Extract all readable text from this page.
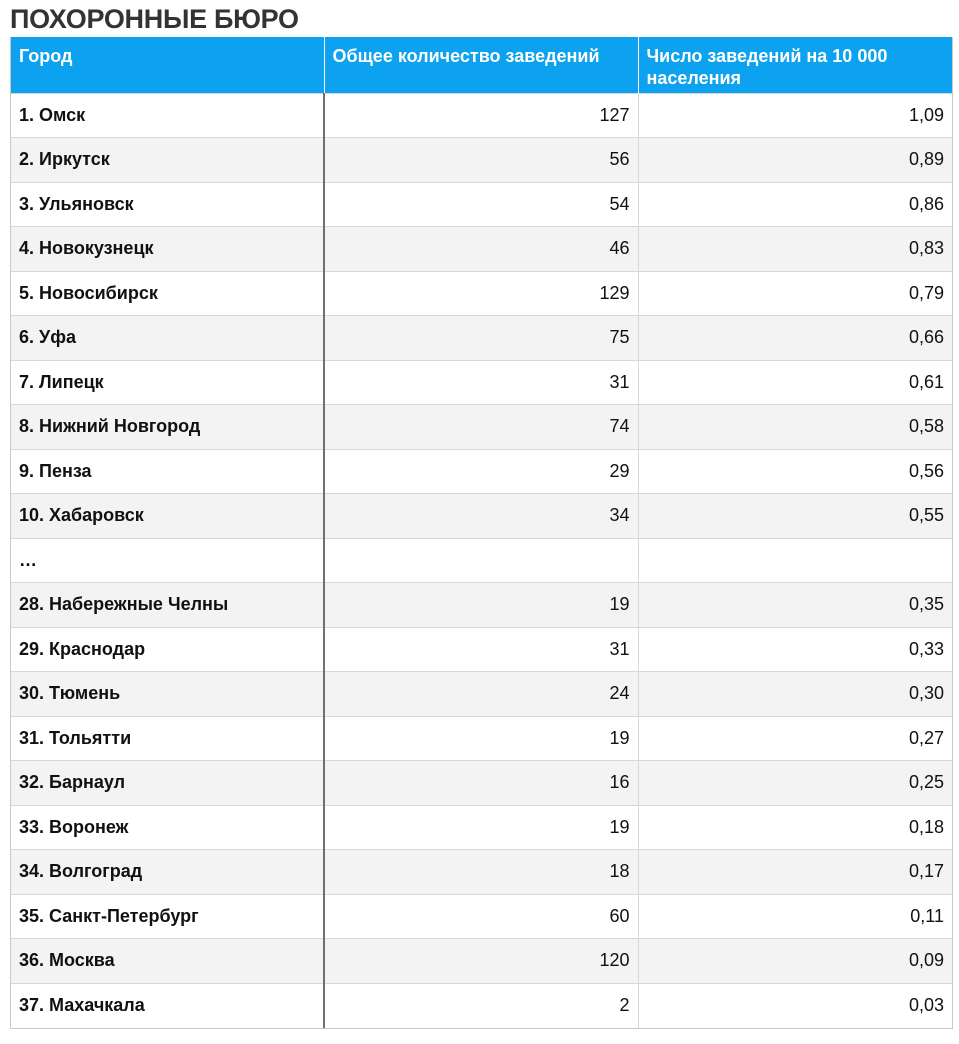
ПОХОРОННЫЕ БЮРО
Город	Общее количество заведений	Число заведений на 10 000 населения
1. Омск	127	1,09
2. Иркутск	56	0,89
3. Ульяновск	54	0,86
4. Новокузнецк	46	0,83
5. Новосибирск	129	0,79
6. Уфа	75	0,66
7. Липецк	31	0,61
8. Нижний Новгород	74	0,58
9. Пенза	29	0,56
10. Хабаровск	34	0,55
…		
28. Набережные Челны	19	0,35
29. Краснодар	31	0,33
30. Тюмень	24	0,30
31. Тольятти	19	0,27
32. Барнаул	16	0,25
33. Воронеж	19	0,18
34. Волгоград	18	0,17
35. Санкт-Петербург	60	0,11
36. Москва	120	0,09
37. Махачкала	2	0,03
